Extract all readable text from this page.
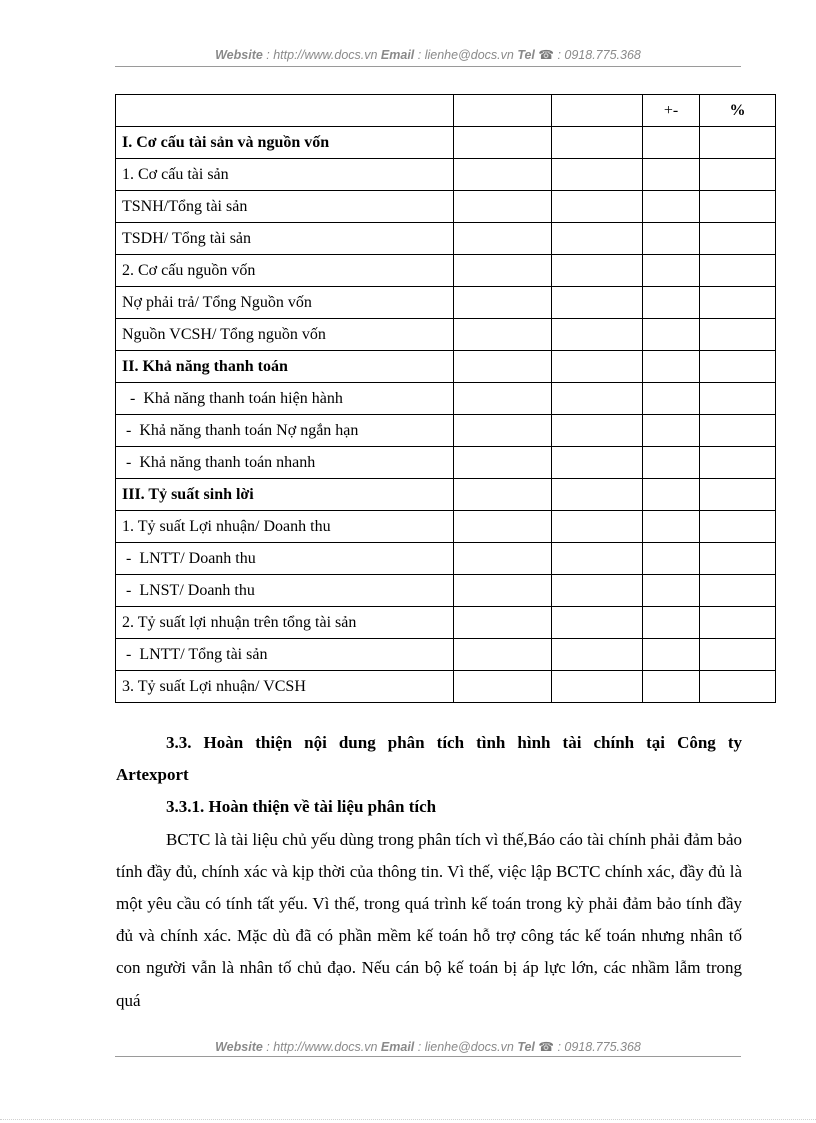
Website : http://www.docs.vn Email : lienhe@docs.vn Tel ☎ : 0918.775.368
			+-	%
I. Cơ cấu tài sản và nguồn vốn				
1. Cơ cấu tài sản				
TSNH/Tổng tài sản				
TSDH/ Tổng tài sản				
2. Cơ cấu nguồn vốn				
Nợ phải trả/ Tổng Nguồn vốn				
Nguồn VCSH/ Tổng nguồn vốn				
II. Khả năng thanh toán				
-  Khả năng thanh toán hiện hành				
-  Khả năng thanh toán Nợ ngắn hạn				
-  Khả năng thanh toán nhanh				
III. Tỷ suất sinh lời				
1. Tỷ suất Lợi nhuận/ Doanh thu				
-  LNTT/ Doanh thu				
-  LNST/ Doanh thu				
2. Tỷ suất lợi nhuận trên tổng tài sản				
-  LNTT/ Tổng tài sản				
3. Tỷ suất Lợi nhuận/ VCSH				

3.3. Hoàn thiện nội dung phân tích tình hình tài chính tại Công ty

Artexport

3.3.1. Hoàn thiện về tài liệu phân tích

BCTC là tài liệu chủ yếu dùng trong phân tích vì thế,Báo cáo tài chính phải đảm bảo tính đầy đủ, chính xác và kịp thời của thông tin. Vì thế, việc lập BCTC chính xác, đầy đủ là một yêu cầu có tính tất yếu. Vì thế, trong quá trình kế toán trong kỳ phải đảm bảo tính đầy đủ và chính xác. Mặc dù đã có phần mềm kế toán hỗ trợ công tác kế toán nhưng nhân tố con người vẫn là nhân tố chủ đạo. Nếu cán bộ kế toán bị áp lực lớn, các nhầm lẫm trong quá

Website : http://www.docs.vn Email : lienhe@docs.vn Tel ☎ : 0918.775.368
